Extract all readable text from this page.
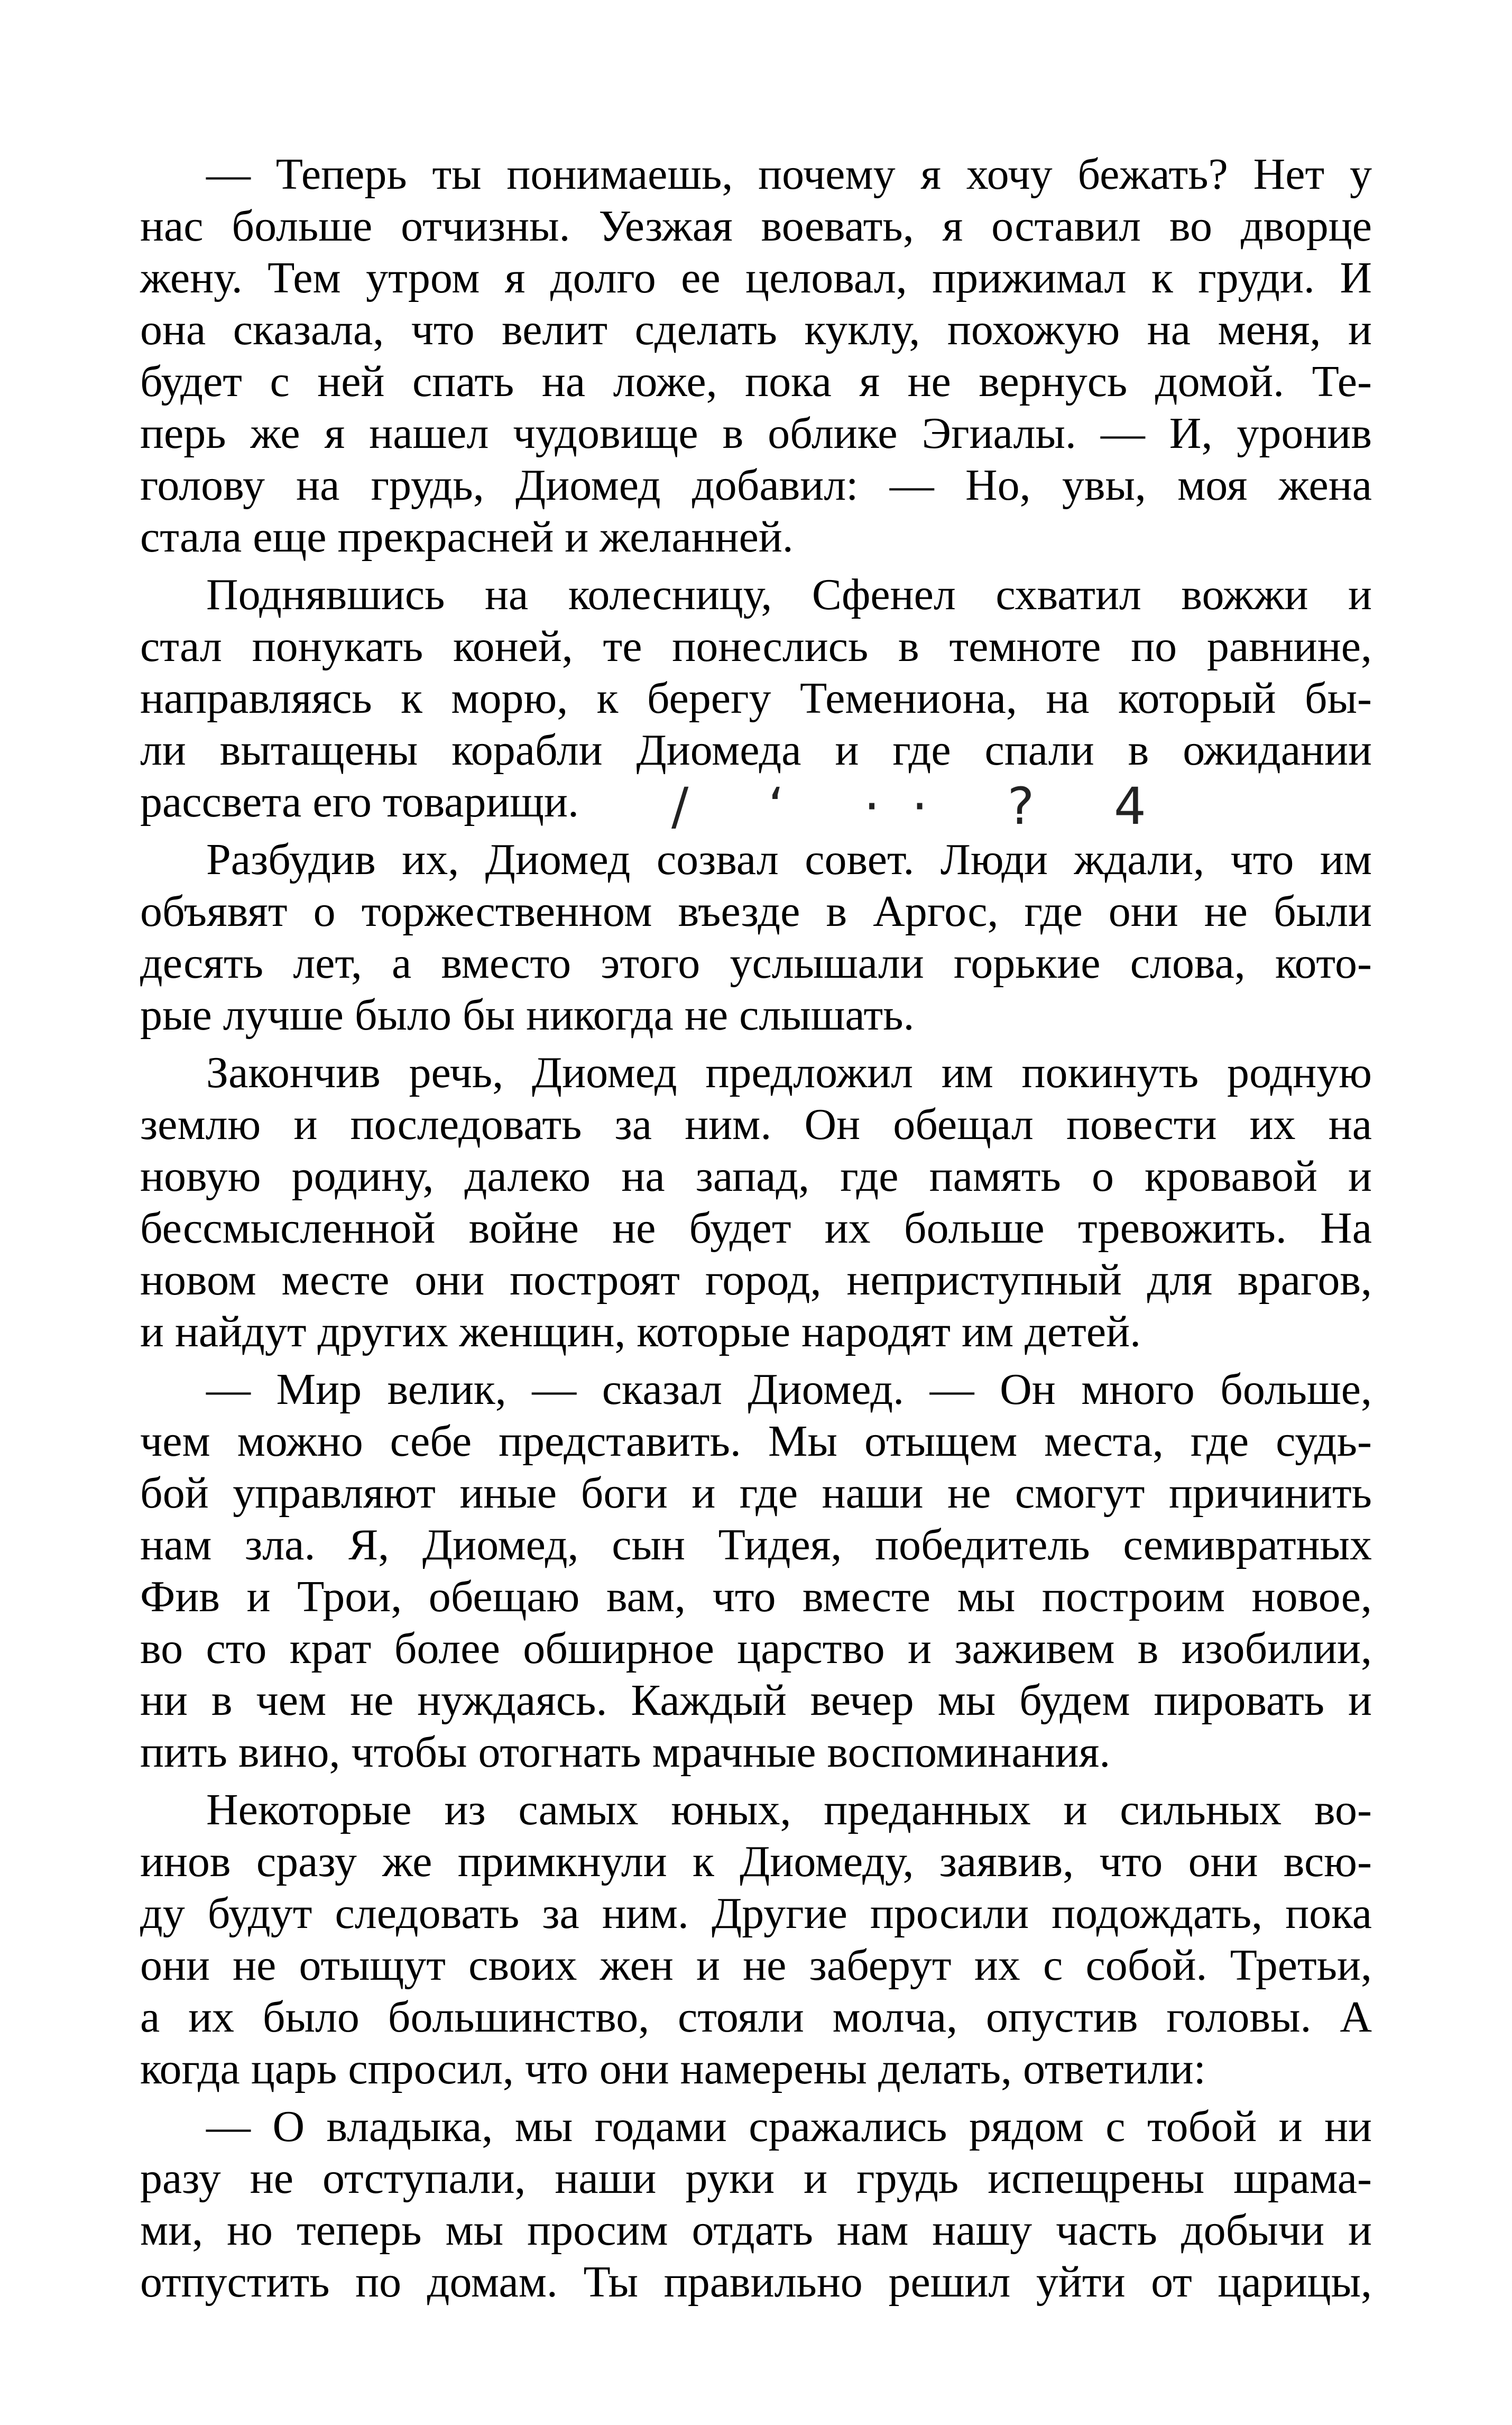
— Теперь ты понимаешь, почему я хочу бежать? Нет у
нас больше отчизны. Уезжая воевать, я оставил во дворце
жену. Тем утром я долго ее целовал, прижимал к груди. И
она сказала, что велит сделать куклу, похожую на меня, и
будет с ней спать на ложе, пока я не вернусь домой. Те-
перь же я нашел чудовище в облике Эгиалы. — И, уронив
голову на грудь, Диомед добавил: — Но, увы, моя жена
стала еще прекрасней и желанней.
Поднявшись на колесницу, Сфенел схватил вожжи и
стал понукать коней, те понеслись в темноте по равнине,
направляясь к морю, к берегу Темениона, на который бы-
ли вытащены корабли Диомеда и где спали в ожидании
рассвета его товарищи.	/ ‘ ·· ? 4
Разбудив их, Диомед созвал совет. Люди ждали, что им
объявят о торжественном въезде в Аргос, где они не были
десять лет, а вместо этого услышали горькие слова, кото-
рые лучше было бы никогда не слышать.
Закончив речь, Диомед предложил им покинуть родную
землю и последовать за ним. Он обещал повести их на
новую родину, далеко на запад, где память о кровавой и
бессмысленной войне не будет их больше тревожить. На
новом месте они построят город, неприступный для врагов,
и найдут других женщин, которые народят им детей.
— Мир велик, — сказал Диомед. — Он много больше,
чем можно себе представить. Мы отыщем места, где судь-
бой управляют иные боги и где наши не смогут причинить
нам зла. Я, Диомед, сын Тидея, победитель семивратных
Фив и Трои, обещаю вам, что вместе мы построим новое,
во сто крат более обширное царство и заживем в изобилии,
ни в чем не нуждаясь. Каждый вечер мы будем пировать и
пить вино, чтобы отогнать мрачные воспоминания.
Некоторые из самых юных, преданных и сильных во-
инов сразу же примкнули к Диомеду, заявив, что они всю-
ду будут следовать за ним. Другие просили подождать, пока
они не отыщут своих жен и не заберут их с собой. Третьи,
а их было большинство, стояли молча, опустив головы. А
когда царь спросил, что они намерены делать, ответили:
— О владыка, мы годами сражались рядом с тобой и ни
разу не отступали, наши руки и грудь испещрены шрама-
ми, но теперь мы просим отдать нам нашу часть добычи и
отпустить по домам. Ты правильно решил уйти от царицы,
